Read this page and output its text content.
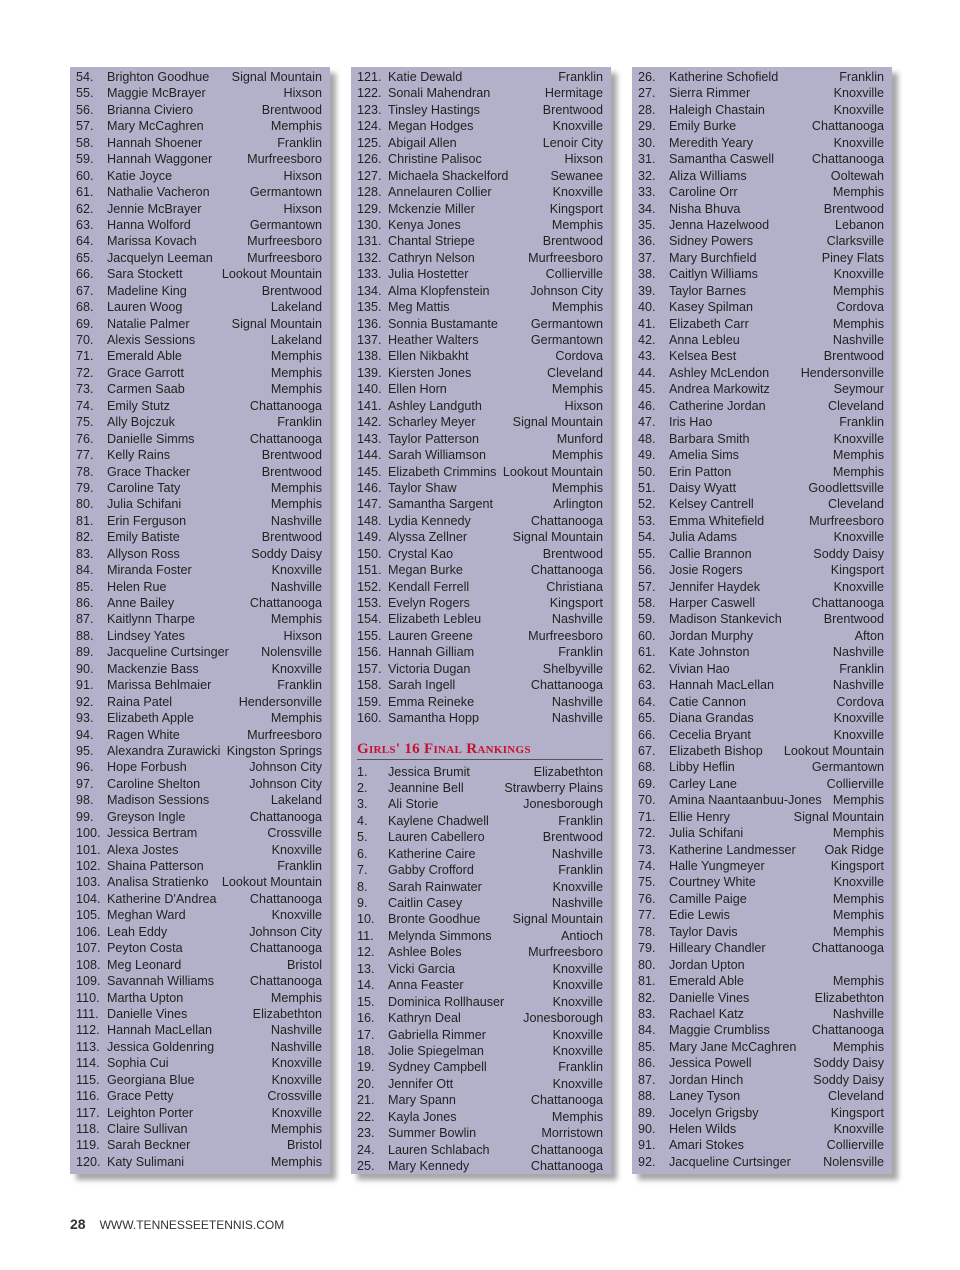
54.	Brighton Goodhue	Signal Mountain
55.	Maggie McBrayer	Hixson
56.	Brianna Civiero	Brentwood
57.	Mary McCaghren	Memphis
58.	Hannah Shoener	Franklin
59.	Hannah Waggoner	Murfreesboro
60.	Katie Joyce	Hixson
61.	Nathalie Vacheron	Germantown
62.	Jennie McBrayer	Hixson
63.	Hanna Wolford	Germantown
64.	Marissa Kovach	Murfreesboro
65.	Jacquelyn Leeman	Murfreesboro
66.	Sara Stockett	Lookout Mountain
67.	Madeline King	Brentwood
68.	Lauren Woog	Lakeland
69.	Natalie Palmer	Signal Mountain
70.	Alexis Sessions	Lakeland
71.	Emerald Able	Memphis
72.	Grace Garrott	Memphis
73.	Carmen Saab	Memphis
74.	Emily Stutz	Chattanooga
75.	Ally Bojczuk	Franklin
76.	Danielle Simms	Chattanooga
77.	Kelly Rains	Brentwood
78.	Grace Thacker	Brentwood
79.	Caroline Taty	Memphis
80.	Julia Schifani	Memphis
81.	Erin Ferguson	Nashville
82.	Emily Batiste	Brentwood
83.	Allyson Ross	Soddy Daisy
84.	Miranda Foster	Knoxville
85.	Helen Rue	Nashville
86.	Anne Bailey	Chattanooga
87.	Kaitlynn Tharpe	Memphis
88.	Lindsey Yates	Hixson
89.	Jacqueline Curtsinger	Nolensville
90.	Mackenzie Bass	Knoxville
91.	Marissa Behlmaier	Franklin
92.	Raina Patel	Hendersonville
93.	Elizabeth Apple	Memphis
94.	Ragen White	Murfreesboro
95.	Alexandra Zurawicki Kingston Springs
96.	Hope Forbush	Johnson City
97.	Caroline Shelton	Johnson City
98.	Madison Sessions	Lakeland
99.	Greyson Ingle	Chattanooga
100. Jessica Bertram	Crossville
101. Alexa Jostes	Knoxville
102. Shaina Patterson	Franklin
103. Analisa Stratienko	Lookout Mountain
104. Katherine D'Andrea	Chattanooga
105. Meghan Ward	Knoxville
106. Leah Eddy	Johnson City
107. Peyton Costa	Chattanooga
108. Meg Leonard	Bristol
109. Savannah Williams	Chattanooga
110. Martha Upton	Memphis
111. Danielle Vines	Elizabethton
112. Hannah MacLellan	Nashville
113. Jessica Goldenring	Nashville
114. Sophia Cui	Knoxville
115. Georgiana Blue	Knoxville
116. Grace Petty	Crossville
117. Leighton Porter	Knoxville
118. Claire Sullivan	Memphis
119. Sarah Beckner	Bristol
120. Katy Sulimani	Memphis
121. Katie Dewald	Franklin
122. Sonali Mahendran	Hermitage
123. Tinsley Hastings	Brentwood
124. Megan Hodges	Knoxville
125. Abigail Allen	Lenoir City
126. Christine Palisoc	Hixson
127. Michaela Shackelford	Sewanee
128. Annelauren Collier	Knoxville
129. Mckenzie Miller	Kingsport
130. Kenya Jones	Memphis
131. Chantal Striepe	Brentwood
132. Cathryn Nelson	Murfreesboro
133. Julia Hostetter	Collierville
134. Alma Klopfenstein	Johnson City
135. Meg Mattis	Memphis
136. Sonnia Bustamante	Germantown
137. Heather Walters	Germantown
138. Ellen Nikbakht	Cordova
139. Kiersten Jones	Cleveland
140. Ellen Horn	Memphis
141. Ashley Landguth	Hixson
142. Scharley Meyer	Signal Mountain
143. Taylor Patterson	Munford
144. Sarah Williamson	Memphis
145. Elizabeth Crimmins Lookout Mountain
146. Taylor Shaw	Memphis
147. Samantha Sargent	Arlington
148. Lydia Kennedy	Chattanooga
149. Alyssa Zellner	Signal Mountain
150. Crystal Kao	Brentwood
151. Megan Burke	Chattanooga
152. Kendall Ferrell	Christiana
153. Evelyn Rogers	Kingsport
154. Elizabeth Lebleu	Nashville
155. Lauren Greene	Murfreesboro
156. Hannah Gilliam	Franklin
157. Victoria Dugan	Shelbyville
158. Sarah Ingell	Chattanooga
159. Emma Reineke	Nashville
160. Samantha Hopp	Nashville
Girls' 16 Final Rankings
1.	Jessica Brumit	Elizabethton
2.	Jeannine Bell	Strawberry Plains
3.	Ali Storie	Jonesborough
4.	Kaylene Chadwell	Franklin
5.	Lauren Cabellero	Brentwood
6.	Katherine Caire	Nashville
7.	Gabby Crofford	Franklin
8.	Sarah Rainwater	Knoxville
9.	Caitlin Casey	Nashville
10.	Bronte Goodhue	Signal Mountain
11.	Melynda Simmons	Antioch
12.	Ashlee Boles	Murfreesboro
13.	Vicki Garcia	Knoxville
14.	Anna Feaster	Knoxville
15.	Dominica Rollhauser	Knoxville
16.	Kathryn Deal	Jonesborough
17.	Gabriella Rimmer	Knoxville
18.	Jolie Spiegelman	Knoxville
19.	Sydney Campbell	Franklin
20.	Jennifer Ott	Knoxville
21.	Mary Spann	Chattanooga
22.	Kayla Jones	Memphis
23.	Summer Bowlin	Morristown
24.	Lauren Schlabach	Chattanooga
25.	Mary Kennedy	Chattanooga
26.	Katherine Schofield	Franklin
27.	Sierra Rimmer	Knoxville
28.	Haleigh Chastain	Knoxville
29.	Emily Burke	Chattanooga
30.	Meredith Yeary	Knoxville
31.	Samantha Caswell	Chattanooga
32.	Aliza Williams	Ooltewah
33.	Caroline Orr	Memphis
34.	Nisha Bhuva	Brentwood
35.	Jenna Hazelwood	Lebanon
36.	Sidney Powers	Clarksville
37.	Mary Burchfield	Piney Flats
38.	Caitlyn Williams	Knoxville
39.	Taylor Barnes	Memphis
40.	Kasey Spilman	Cordova
41.	Elizabeth Carr	Memphis
42.	Anna Lebleu	Nashville
43.	Kelsea Best	Brentwood
44.	Ashley McLendon	Hendersonville
45.	Andrea Markowitz	Seymour
46.	Catherine Jordan	Cleveland
47.	Iris Hao	Franklin
48.	Barbara Smith	Knoxville
49.	Amelia Sims	Memphis
50.	Erin Patton	Memphis
51.	Daisy Wyatt	Goodlettsville
52.	Kelsey Cantrell	Cleveland
53.	Emma Whitefield	Murfreesboro
54.	Julia Adams	Knoxville
55.	Callie Brannon	Soddy Daisy
56.	Josie Rogers	Kingsport
57.	Jennifer Haydek	Knoxville
58.	Harper Caswell	Chattanooga
59.	Madison Stankevich	Brentwood
60.	Jordan Murphy	Afton
61.	Kate Johnston	Nashville
62.	Vivian Hao	Franklin
63.	Hannah MacLellan	Nashville
64.	Catie Cannon	Cordova
65.	Diana Grandas	Knoxville
66.	Cecelia Bryant	Knoxville
67.	Elizabeth Bishop	Lookout Mountain
68.	Libby Heflin	Germantown
69.	Carley Lane	Collierville
70.	Amina Naantaanbuu-Jones Memphis
71.	Ellie Henry	Signal Mountain
72.	Julia Schifani	Memphis
73.	Katherine Landmesser	Oak Ridge
74.	Halle Yungmeyer	Kingsport
75.	Courtney White	Knoxville
76.	Camille Paige	Memphis
77.	Edie Lewis	Memphis
78.	Taylor Davis	Memphis
79.	Hilleary Chandler	Chattanooga
80.	Jordan Upton
81.	Emerald Able	Memphis
82.	Danielle Vines	Elizabethton
83.	Rachael Katz	Nashville
84.	Maggie Crumbliss	Chattanooga
85.	Mary Jane McCaghren	Memphis
86.	Jessica Powell	Soddy Daisy
87.	Jordan Hinch	Soddy Daisy
88.	Laney Tyson	Cleveland
89.	Jocelyn Grigsby	Kingsport
90.	Helen Wilds	Knoxville
91.	Amari Stokes	Collierville
92.	Jacqueline Curtsinger	Nolensville
28 WWW.TENNESSEETENNIS.COM
